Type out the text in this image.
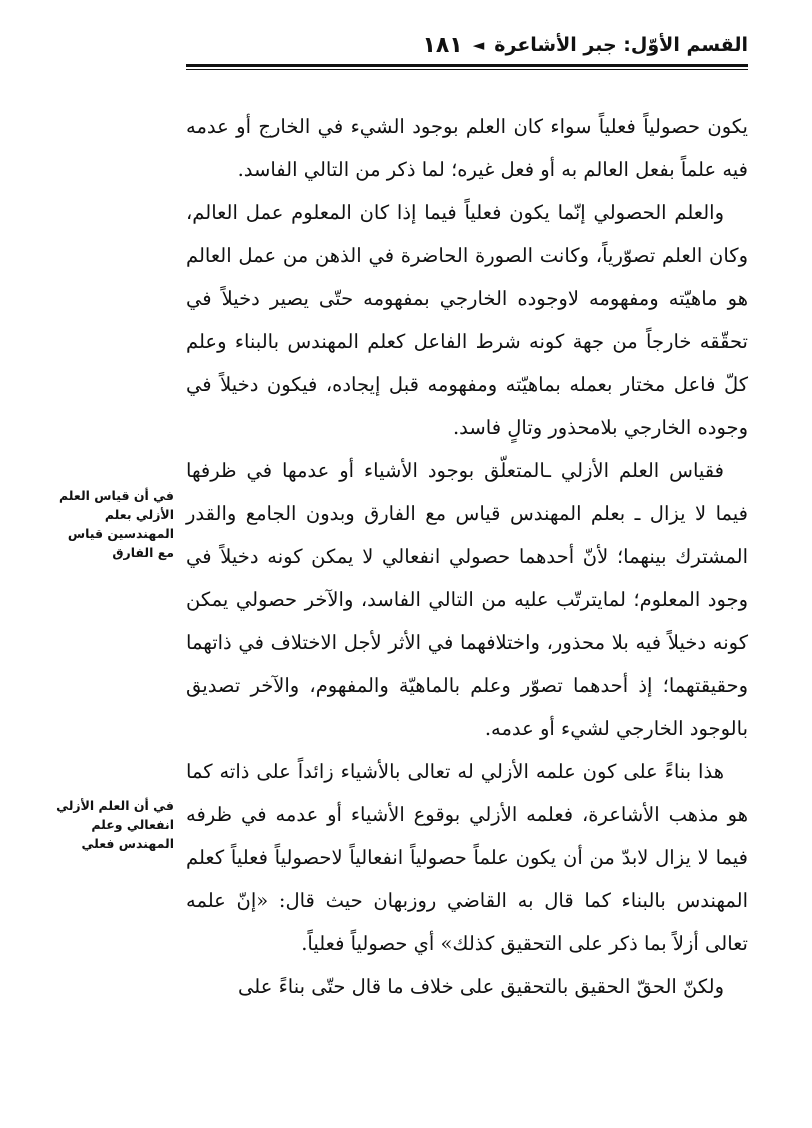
القسم الأوّل: جبر الأشاعرة
◄
١٨١

يكون حصولياً فعلياً سواء كان العلم بوجود الشيء في الخارج أو عدمه فيه علماً بفعل العالم به أو فعل غيره؛ لما ذكر من التالي الفاسد.

والعلم الحصولي إنّما يكون فعلياً فيما إذا كان المعلوم عمل العالم، وكان العلم تصوّرياً، وكانت الصورة الحاضرة في الذهن من عمل العالم هو ماهيّته ومفهومه لاوجوده الخارجي بمفهومه حتّى يصير دخيلاً في تحقّقه خارجاً من جهة كونه شرط الفاعل كعلم المهندس بالبناء وعلم كلّ فاعل مختار بعمله بماهيّته ومفهومه قبل إيجاده، فيكون دخيلاً في وجوده الخارجي بلامحذور وتالٍ فاسد.

فقياس العلم الأزلي ـالمتعلّق بوجود الأشياء أو عدمها في ظرفها فيما لا يزال ـ بعلم المهندس قياس مع الفارق وبدون الجامع والقدر المشترك بينهما؛ لأنّ أحدهما حصولي انفعالي لا يمكن كونه دخيلاً في وجود المعلوم؛ لمايترتّب عليه من التالي الفاسد، والآخر حصولي يمكن كونه دخيلاً فيه بلا محذور، واختلافهما في الأثر لأجل الاختلاف في ذاتهما وحقيقتهما؛ إذ أحدهما تصوّر وعلم بالماهيّة والمفهوم، والآخر تصديق بالوجود الخارجي لشيء أو عدمه.

هذا بناءً على كون علمه الأزلي له تعالى بالأشياء زائداً على ذاته كما هو مذهب الأشاعرة، فعلمه الأزلي بوقوع الأشياء أو عدمه في ظرفه فيما لا يزال لابدّ من أن يكون علماً حصولياً انفعالياً لاحصولياً فعلياً كعلم المهندس بالبناء كما قال به القاضي روزبهان حيث قال: «إنّ علمه تعالى أزلاً بما ذكر على التحقيق كذلك» أي حصولياً فعلياً.

ولكنّ الحقّ الحقيق بالتحقيق على خلاف ما قال حتّى بناءً على

في أن قياس العلم الأزلي بعلم المهندسين قياس مع الفارق
في أن العلم الأزلي انفعالي وعلم المهندس فعلي
